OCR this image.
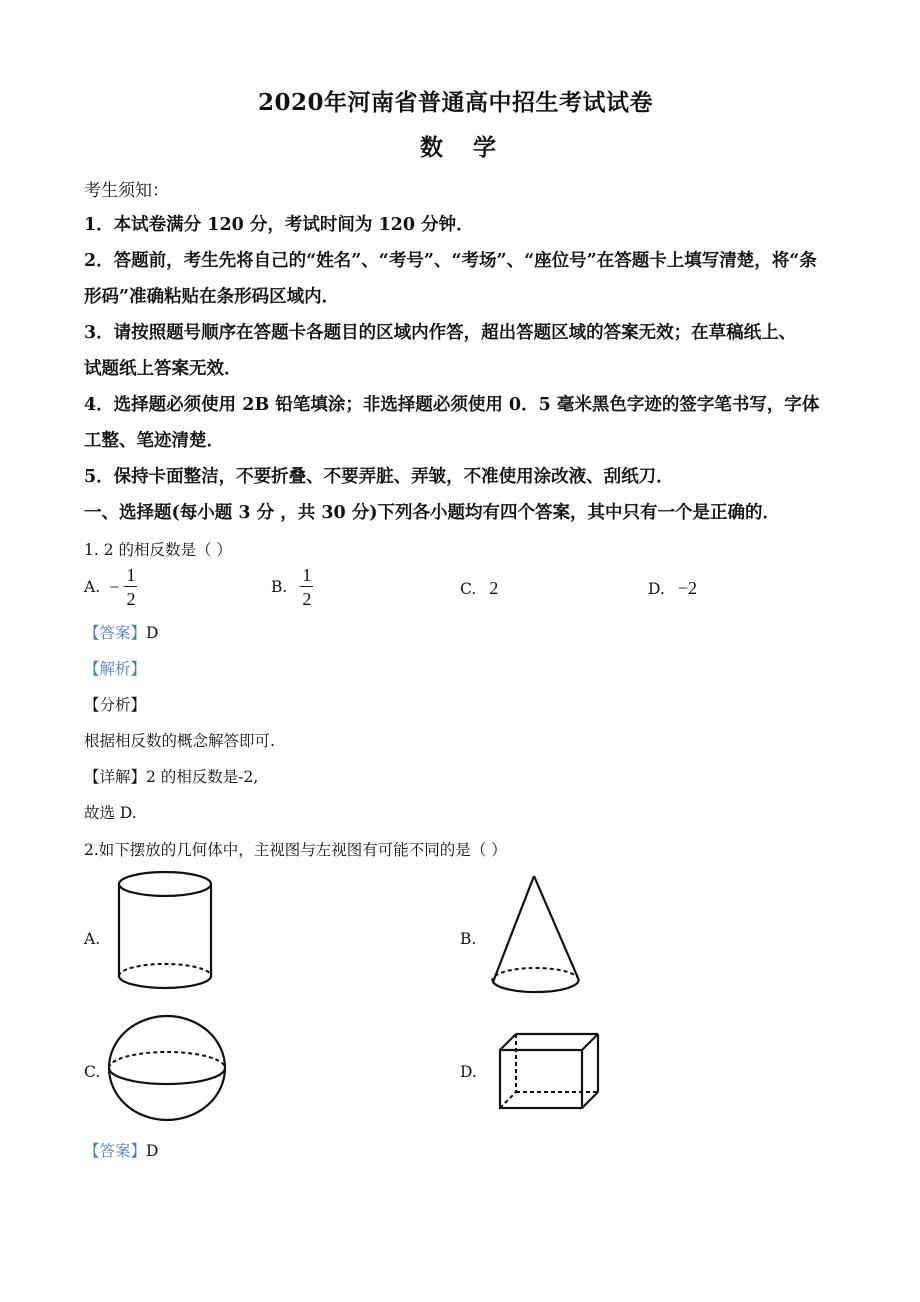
2020年河南省普通高中招生考试试卷
数学
考生须知：
1．本试卷满分 120 分，考试时间为 120 分钟．
2．答题前，考生先将自己的“姓名”、“考号”、“考场”、“座位号”在答题卡上填写清楚，将“条
形码”准确粘贴在条形码区域内．
3．请按照题号顺序在答题卡各题目的区域内作答，超出答题区域的答案无效；在草稿纸上、
试题纸上答案无效．
4．选择题必须使用 2B 铅笔填涂；非选择题必须使用 0．5 毫米黑色字迹的签字笔书写，字体
工整、笔迹清楚．
5．保持卡面整洁，不要折叠、不要弄脏、弄皱，不准使用涂改液、刮纸刀．
一、选择题(每小题 3 分 ，共 30 分)下列各小题均有四个答案，其中只有一个是正确的．
1. 2 的相反数是（ ）
A. − $\frac{1}{2}$	B. $\frac{1}{2}$	C. 2	D. −2
【答案】D
【解析】
【分析】
根据相反数的概念解答即可.
【详解】2 的相反数是-2,
故选 D.
2.如下摆放的几何体中，主视图与左视图有可能不同的是（ ）
A.	B.
C.	D.
【答案】D
